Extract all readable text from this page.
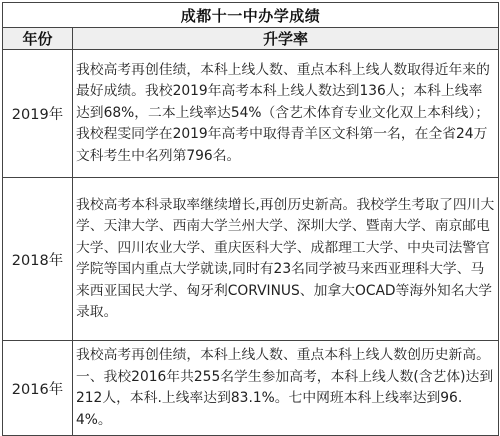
成都十一中办学成绩	
年份	升学率
2019年	我校高考再创佳绩，本科上线人数、重点本科上线人数取得近年来的最好成绩。我校2019年高考本科上线人数达到136人；本科上线率达到68%，二本上线率达54%（含艺术体育专业文化双上本科线）；我校程雯同学在2019年高考中取得青羊区文科第一名，在全省24万文科考生中名列第796名。
2018年	我校高考本科录取率继续增长,再创历史新高。我校学生考取了四川大学、天津大学、西南大学兰州大学、深圳大学、暨南大学、南京邮电大学、四川农业大学、重庆医科大学、成都理工大学、中央司法警官学院等国内重点大学就读,同时有23名同学被马来西亚理科大学、马来西亚国民大学、匈牙利CORVINUS、加拿大OCAD等海外知名大学录取。
2016年	我校高考再创佳绩，本科上线人数、重点本科上线人数创历史新高。一、我校2016年共255名学生参加高考，本科上线人数(含艺体)达到212人，本科.上线率达到83.1%。七中网班本科上线率达到96.4%。
